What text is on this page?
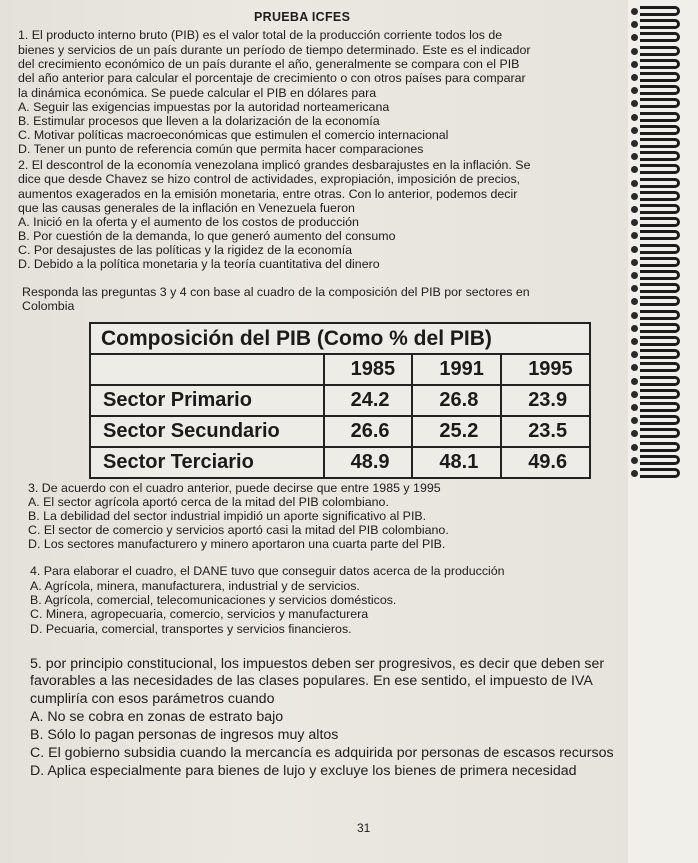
PRUEBA ICFES
1. El producto interno bruto (PIB) es el valor total de la producción corriente todos los de
bienes y servicios de un país durante un período de tiempo determinado. Este es el indicador
del crecimiento económico de un país durante el año, generalmente se compara con el PIB
del año anterior para calcular el porcentaje de crecimiento o con otros países para comparar
la dinámica económica. Se puede calcular el PIB en dólares para
A. Seguir las exigencias impuestas por la autoridad norteamericana
B. Estimular procesos que lleven a la dolarización de la economía
C. Motivar políticas macroeconómicas que estimulen el comercio internacional
D. Tener un punto de referencia común que permita hacer comparaciones
2. El descontrol de la economía venezolana implicó grandes desbarajustes en la inflación. Se
dice que desde Chavez se hizo control de actividades, expropiación, imposición de precios,
aumentos exagerados en la emisión monetaria, entre otras. Con lo anterior, podemos decir
que las causas generales de la inflación en Venezuela fueron
A. Inició en la oferta y el aumento de los costos de producción
B. Por cuestión de la demanda, lo que generó aumento del consumo
C. Por desajustes de las políticas y la rigidez de la economía
D. Debido a la política monetaria y la teoría cuantitativa del dinero
Responda las preguntas 3 y 4 con base al cuadro de la composición del PIB por sectores en
Colombia
Composición del PIB (Como % del PIB)			
	1985	1991	1995
Sector Primario	24.2	26.8	23.9
Sector Secundario	26.6	25.2	23.5
Sector Terciario	48.9	48.1	49.6
3. De acuerdo con el cuadro anterior, puede decirse que entre 1985 y 1995
A. El sector agrícola aportó cerca de la mitad del PIB colombiano.
B. La debilidad del sector industrial impidió un aporte significativo al PIB.
C. El sector de comercio y servicios aportó casi la mitad del PIB colombiano.
D. Los sectores manufacturero y minero aportaron una cuarta parte del PIB.
4. Para elaborar el cuadro, el DANE tuvo que conseguir datos acerca de la producción
A. Agrícola, minera, manufacturera, industrial y de servicios.
B. Agrícola, comercial, telecomunicaciones y servicios domésticos.
C. Minera, agropecuaria, comercio, servicios y manufacturera
D. Pecuaria, comercial, transportes y servicios financieros.
5. por principio constitucional, los impuestos deben ser progresivos, es decir que deben ser
favorables a las necesidades de las clases populares. En ese sentido, el impuesto de IVA
cumpliría con esos parámetros cuando
A. No se cobra en zonas de estrato bajo
B. Sólo lo pagan personas de ingresos muy altos
C. El gobierno subsidia cuando la mercancía es adquirida por personas de escasos recursos
D. Aplica especialmente para bienes de lujo y excluye los bienes de primera necesidad
31
